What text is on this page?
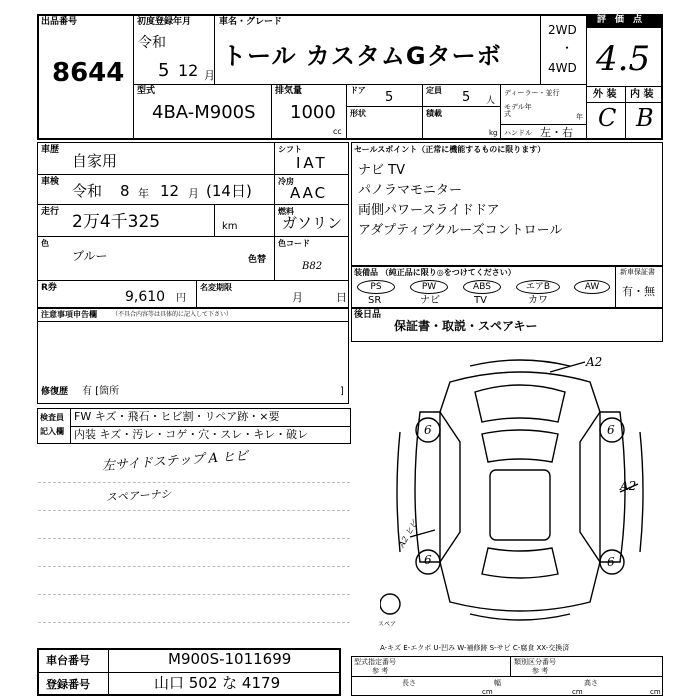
出品番号
8644
初度登録年月
令和
5 12 月
車名・グレード
トール カスタムGターボ
2WD
・
4WD
評　価　点
4.5
外 装 内 装
C B
型式
4BA-M900S
排気量
1000
cc
ドア 5	定員 5 人
ディーラー・並行
モデル年式	年
形状	積載
kg ハンドル 左・右
車歴
自家用
シフト
IAT
車検 令和 8 年 12 月 (14日)
冷房
AAC
走行 2万4千325	km
燃料
ガソリン
色
ブルー	色替
色コード
B82
R券
9,610 円
名変期限
月	日
セールスポイント（正常に機能するものに限ります）
ナビ TV
パノラマモニター
両側パワースライドドア
アダプティブクルーズコントロール
装備品 （純正品に限り◎をつけてください）	新車保証書
有・無
PS	PW	ABS	エアB	AW
SR	ナビ	TV	カワ
後日品
保証書・取説・スペアキー
注意事項申告欄	（不具合内容等は具体的に記入して下さい）
修復歴 有 [箇所	]
検査員
記入欄
FW キズ・飛石・ヒビ割・リペア跡・×要
内装 キズ・汚レ・コゲ・穴・スレ・キレ・破レ
左サイドステップ A ヒビ
スペアーナシ
A2
6	6
A2
A2 ヒビ
6	6
スペア
A-キズ E-エクボ U-凹み W-補修跡 S-サビ C-腐食 XX-交換済
車台番号	M900S-1011699
登録番号	山口 502 な 4179
型式指定番号
参 考
類別区分番号
参 考
長さ
cm
幅
cm
高さ
cm
